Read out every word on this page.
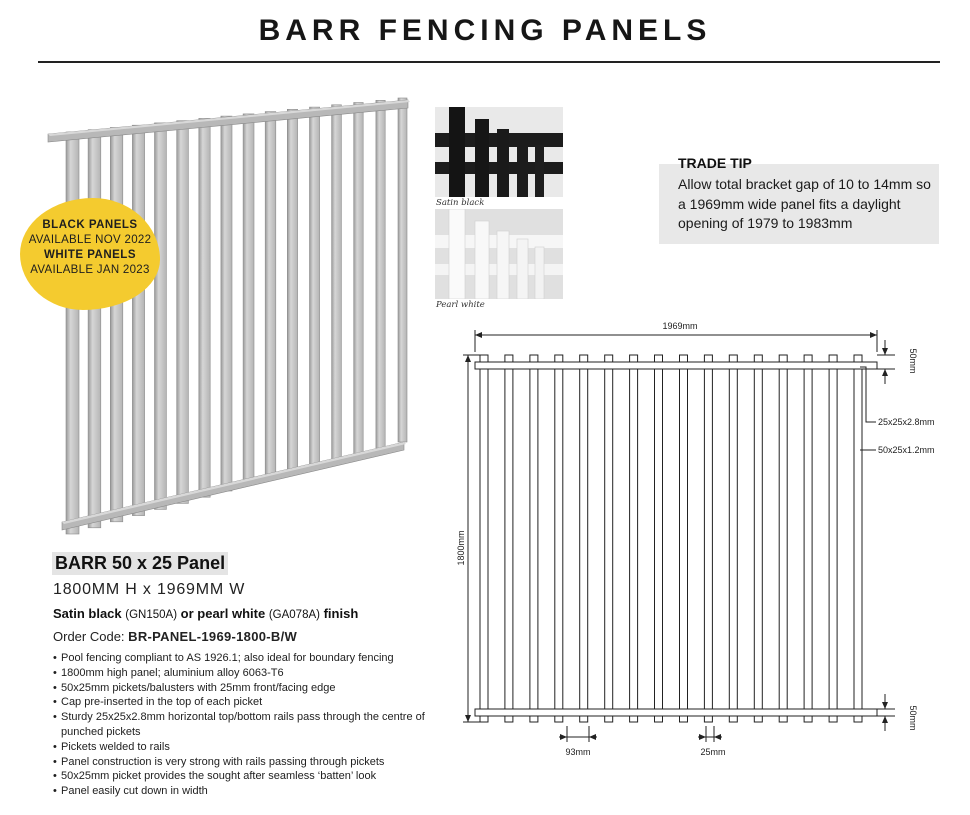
BARR FENCING PANELS
BLACK PANELS
AVAILABLE NOV 2022
WHITE PANELS
AVAILABLE JAN 2023
Satin black
Pearl white
TRADE TIP
Allow total bracket gap of 10 to 14mm so a 1969mm wide panel fits a daylight opening of 1979 to 1983mm
1969mm
1800mm
50mm
50mm
25x25x2.8mm
50x25x1.2mm
93mm	25mm
BARR 50 x 25 Panel
1800MM H x 1969MM W
Satin black (GN150A) or pearl white (GA078A) finish
Order Code: BR-PANEL-1969-1800-B/W
• Pool fencing compliant to AS 1926.1; also ideal for boundary fencing
• 1800mm high panel; aluminium alloy 6063-T6
• 50x25mm pickets/balusters with 25mm front/facing edge
• Cap pre-inserted in the top of each picket
• Sturdy 25x25x2.8mm horizontal top/bottom rails pass through the centre of punched pickets
• Pickets welded to rails
• Panel construction is very strong with rails passing through pickets
• 50x25mm picket provides the sought after seamless ‘batten’ look
• Panel easily cut down in width
